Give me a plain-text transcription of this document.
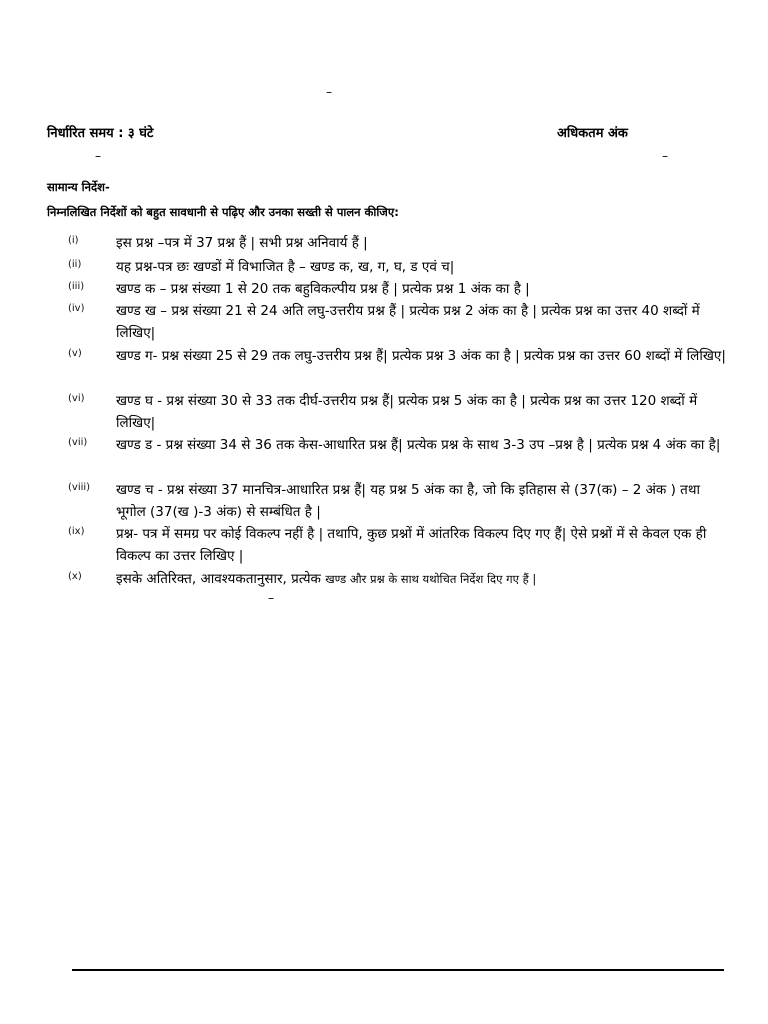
–
निर्धारित समय : ३ घंटे	अधिकतम अंक
–	–
सामान्य निर्देश-
निम्नलिखित निर्देशों को बहुत सावधानी से पढ़िए और उनका सख्ती से पालन कीजिए:
(i)	इस प्रश्न –पत्र में 37 प्रश्न हैं | सभी प्रश्न अनिवार्य हैं |
(ii)	यह प्रश्न-पत्र छः खण्डों में विभाजित है – खण्ड क, ख, ग, घ, ड एवं च|
(iii) खण्ड क – प्रश्न संख्या 1 से 20 तक बहुविकल्पीय प्रश्न हैं | प्रत्येक प्रश्न 1 अंक का है |
(iv) खण्ड ख – प्रश्न संख्या 21 से 24 अति लघु-उत्तरीय प्रश्न हैं | प्रत्येक प्रश्न 2 अंक का है | प्रत्येक प्रश्न का उत्तर 40 शब्दों में लिखिए|
(v)	खण्ड ग- प्रश्न संख्या 25 से 29 तक लघु-उत्तरीय प्रश्न हैं| प्रत्येक प्रश्न 3 अंक का है | प्रत्येक प्रश्न का उत्तर 60 शब्दों में लिखिए|
(vi) खण्ड घ - प्रश्न संख्या 30 से 33 तक दीर्घ-उत्तरीय प्रश्न हैं| प्रत्येक प्रश्न 5 अंक का है | प्रत्येक प्रश्न का उत्तर 120 शब्दों में लिखिए|
(vii) खण्ड ड - प्रश्न संख्या 34 से 36 तक केस-आधारित प्रश्न हैं| प्रत्येक प्रश्न के साथ 3-3 उप –प्रश्न है | प्रत्येक प्रश्न 4 अंक का है|
(viii) खण्ड च - प्रश्न संख्या 37 मानचित्र-आधारित प्रश्न हैं| यह प्रश्न 5 अंक का है, जो कि इतिहास से (37(क) – 2 अंक ) तथा भूगोल (37(ख )-3 अंक) से सम्बंधित है |
(ix) प्रश्न- पत्र में समग्र पर कोई विकल्प नहीं है | तथापि, कुछ प्रश्नों में आंतरिक विकल्प दिए गए हैं| ऐसे प्रश्नों में से केवल एक ही विकल्प का उत्तर लिखिए |
(x)	इसके अतिरिक्त, आवश्यकतानुसार, प्रत्येक खण्ड और प्रश्न के साथ यथोचित निर्देश दिए गए हैं |
–
